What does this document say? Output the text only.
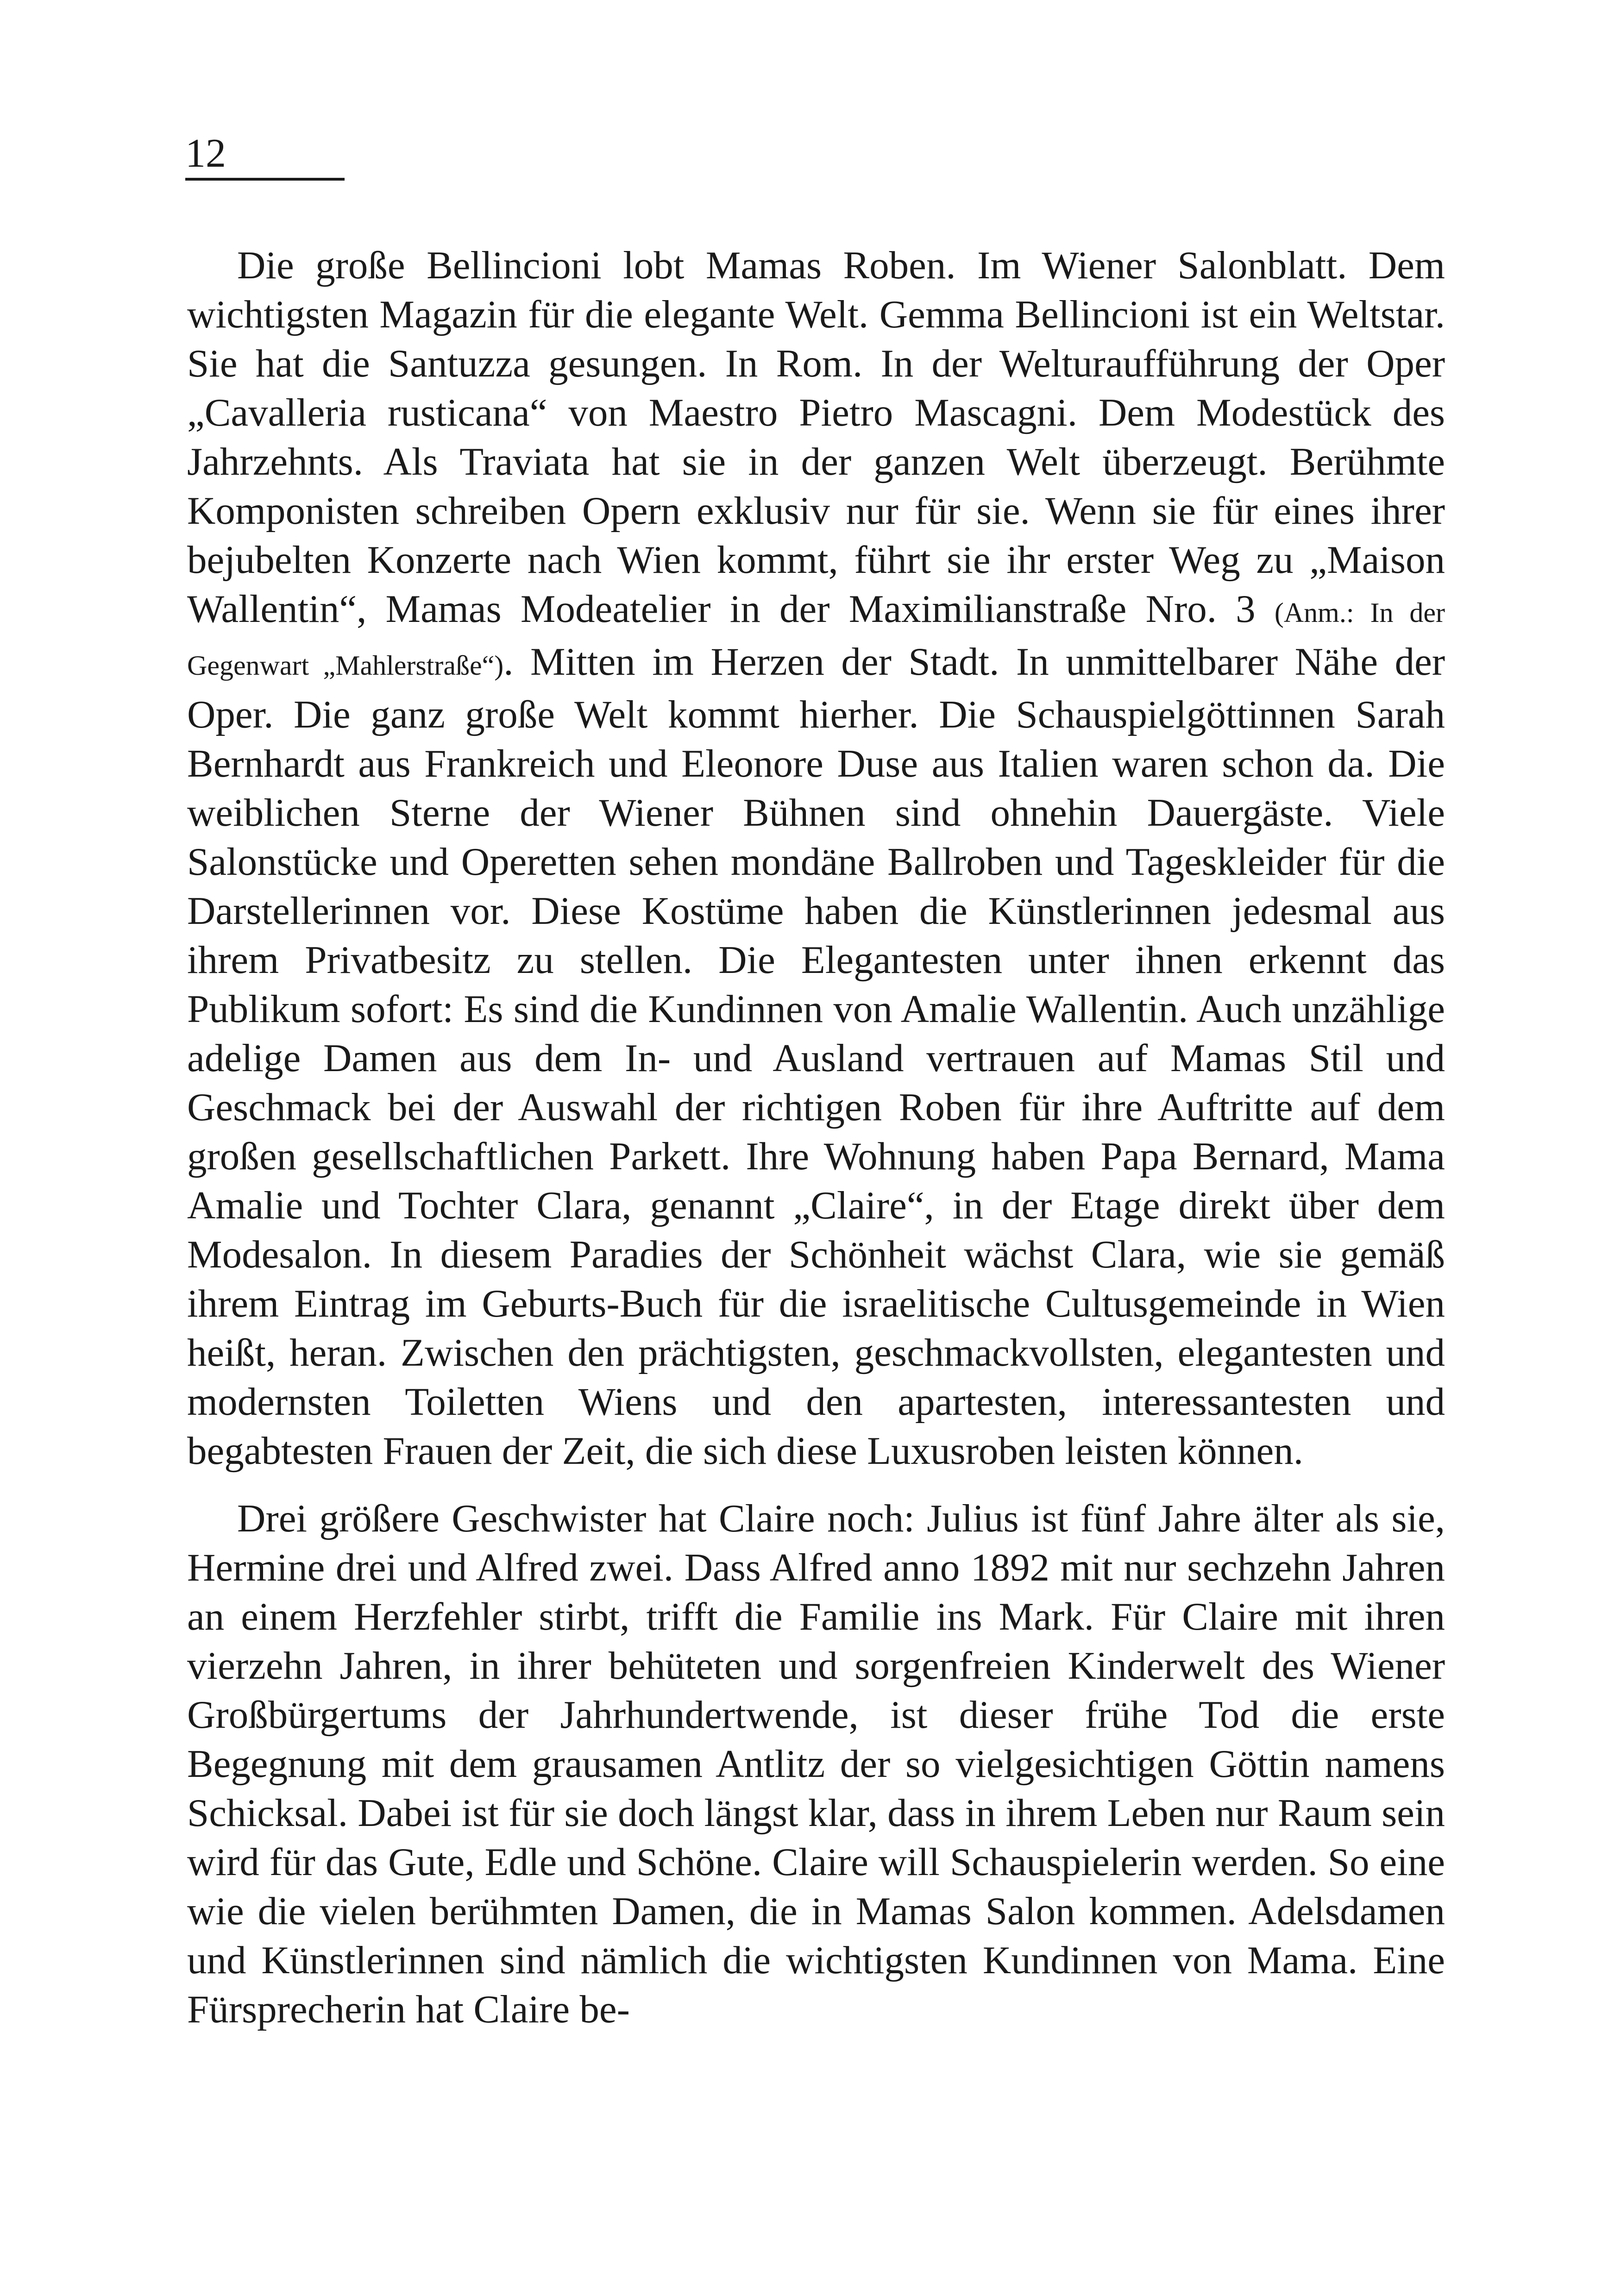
12

Die große Bellincioni lobt Mamas Roben. Im Wiener Salonblatt. Dem wichtigsten Magazin für die elegante Welt. Gemma Bellincioni ist ein Weltstar. Sie hat die Santuzza gesungen. In Rom. In der Welturaufführung der Oper „Cavalleria rusticana“ von Maestro Pietro Mascagni. Dem Modestück des Jahrzehnts. Als Traviata hat sie in der ganzen Welt überzeugt. Berühmte Komponisten schreiben Opern exklusiv nur für sie. Wenn sie für eines ihrer bejubelten Konzerte nach Wien kommt, führt sie ihr erster Weg zu „Maison Wallentin“, Mamas Modeatelier in der Maximilianstraße Nro. 3 (Anm.: In der Gegenwart „Mahlerstraße“). Mitten im Herzen der Stadt. In unmittelbarer Nähe der Oper. Die ganz große Welt kommt hierher. Die Schauspielgöttinnen Sarah Bernhardt aus Frankreich und Eleonore Duse aus Italien waren schon da. Die weiblichen Sterne der Wiener Bühnen sind ohnehin Dauergäste. Viele Salonstücke und Operetten sehen mondäne Ballroben und Tageskleider für die Darstellerinnen vor. Diese Kostüme haben die Künstlerinnen jedesmal aus ihrem Privatbesitz zu stellen. Die Elegantesten unter ihnen erkennt das Publikum sofort: Es sind die Kundinnen von Amalie Wallentin. Auch unzählige adelige Damen aus dem In- und Ausland vertrauen auf Mamas Stil und Geschmack bei der Auswahl der richtigen Roben für ihre Auftritte auf dem großen gesellschaftlichen Parkett. Ihre Wohnung haben Papa Bernard, Mama Amalie und Tochter Clara, genannt „Claire“, in der Etage direkt über dem Modesalon. In diesem Paradies der Schönheit wächst Clara, wie sie gemäß ihrem Eintrag im Geburts-Buch für die israelitische Cultusgemeinde in Wien heißt, heran. Zwischen den prächtigsten, geschmackvollsten, elegantesten und modernsten Toiletten Wiens und den apartesten, interessantesten und begabtesten Frauen der Zeit, die sich diese Luxusroben leisten können.

Drei größere Geschwister hat Claire noch: Julius ist fünf Jahre älter als sie, Hermine drei und Alfred zwei. Dass Alfred anno 1892 mit nur sechzehn Jahren an einem Herzfehler stirbt, trifft die Familie ins Mark. Für Claire mit ihren vierzehn Jahren, in ihrer behüteten und sorgenfreien Kinderwelt des Wiener Großbürgertums der Jahrhundertwende, ist dieser frühe Tod die erste Begegnung mit dem grausamen Antlitz der so vielgesichtigen Göttin namens Schicksal. Dabei ist für sie doch längst klar, dass in ihrem Leben nur Raum sein wird für das Gute, Edle und Schöne. Claire will Schauspielerin werden. So eine wie die vielen berühmten Damen, die in Mamas Salon kommen. Adelsdamen und Künstlerinnen sind nämlich die wichtigsten Kundinnen von Mama. Eine Fürsprecherin hat Claire be-
